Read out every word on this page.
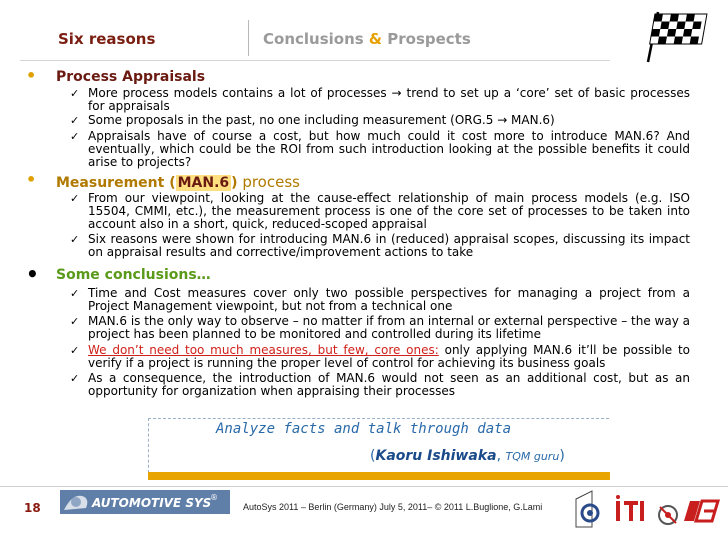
Six reasons	Conclusions & Prospects
• Process Appraisals
✓ More process models contains a lot of processes → trend to set up a ‘core’ set of basic processes for appraisals
✓ Some proposals in the past, no one including measurement (ORG.5 → MAN.6)
✓ Appraisals have of course a cost, but how much could it cost more to introduce MAN.6? And eventually, which could be the ROI from such introduction looking at the possible benefits it could arise to projects?
• Measurement ( MAN.6 ) process
✓ From our viewpoint, looking at the cause-effect relationship of main process models (e.g. ISO 15504, CMMI, etc.), the measurement process is one of the core set of processes to be taken into account also in a short, quick, reduced-scoped appraisal
✓ Six reasons were shown for introducing MAN.6 in (reduced) appraisal scopes, discussing its impact on appraisal results and corrective/improvement actions to take
• Some conclusions…
✓ Time and Cost measures cover only two possible perspectives for managing a project from a Project Management viewpoint, but not from a technical one
✓ MAN.6 is the only way to observe – no matter if from an internal or external perspective – the way a project has been planned to be monitored and controlled during its lifetime
✓ We don’t need too much measures, but few, core ones: only applying MAN.6 it’ll be possible to verify if a project is running the proper level of control for achieving its business goals
✓ As a consequence, the introduction of MAN.6 would not seen as an additional cost, but as an opportunity for organization when appraising their processes
Analyze facts and talk through data
(Kaoru Ishiwaka, TQM guru)
18	AUTOMOTIVE SYS
®
AutoSys 2011 – Berlin (Germany) July 5, 2011– © 2011 L.Buglione, G.Lami
